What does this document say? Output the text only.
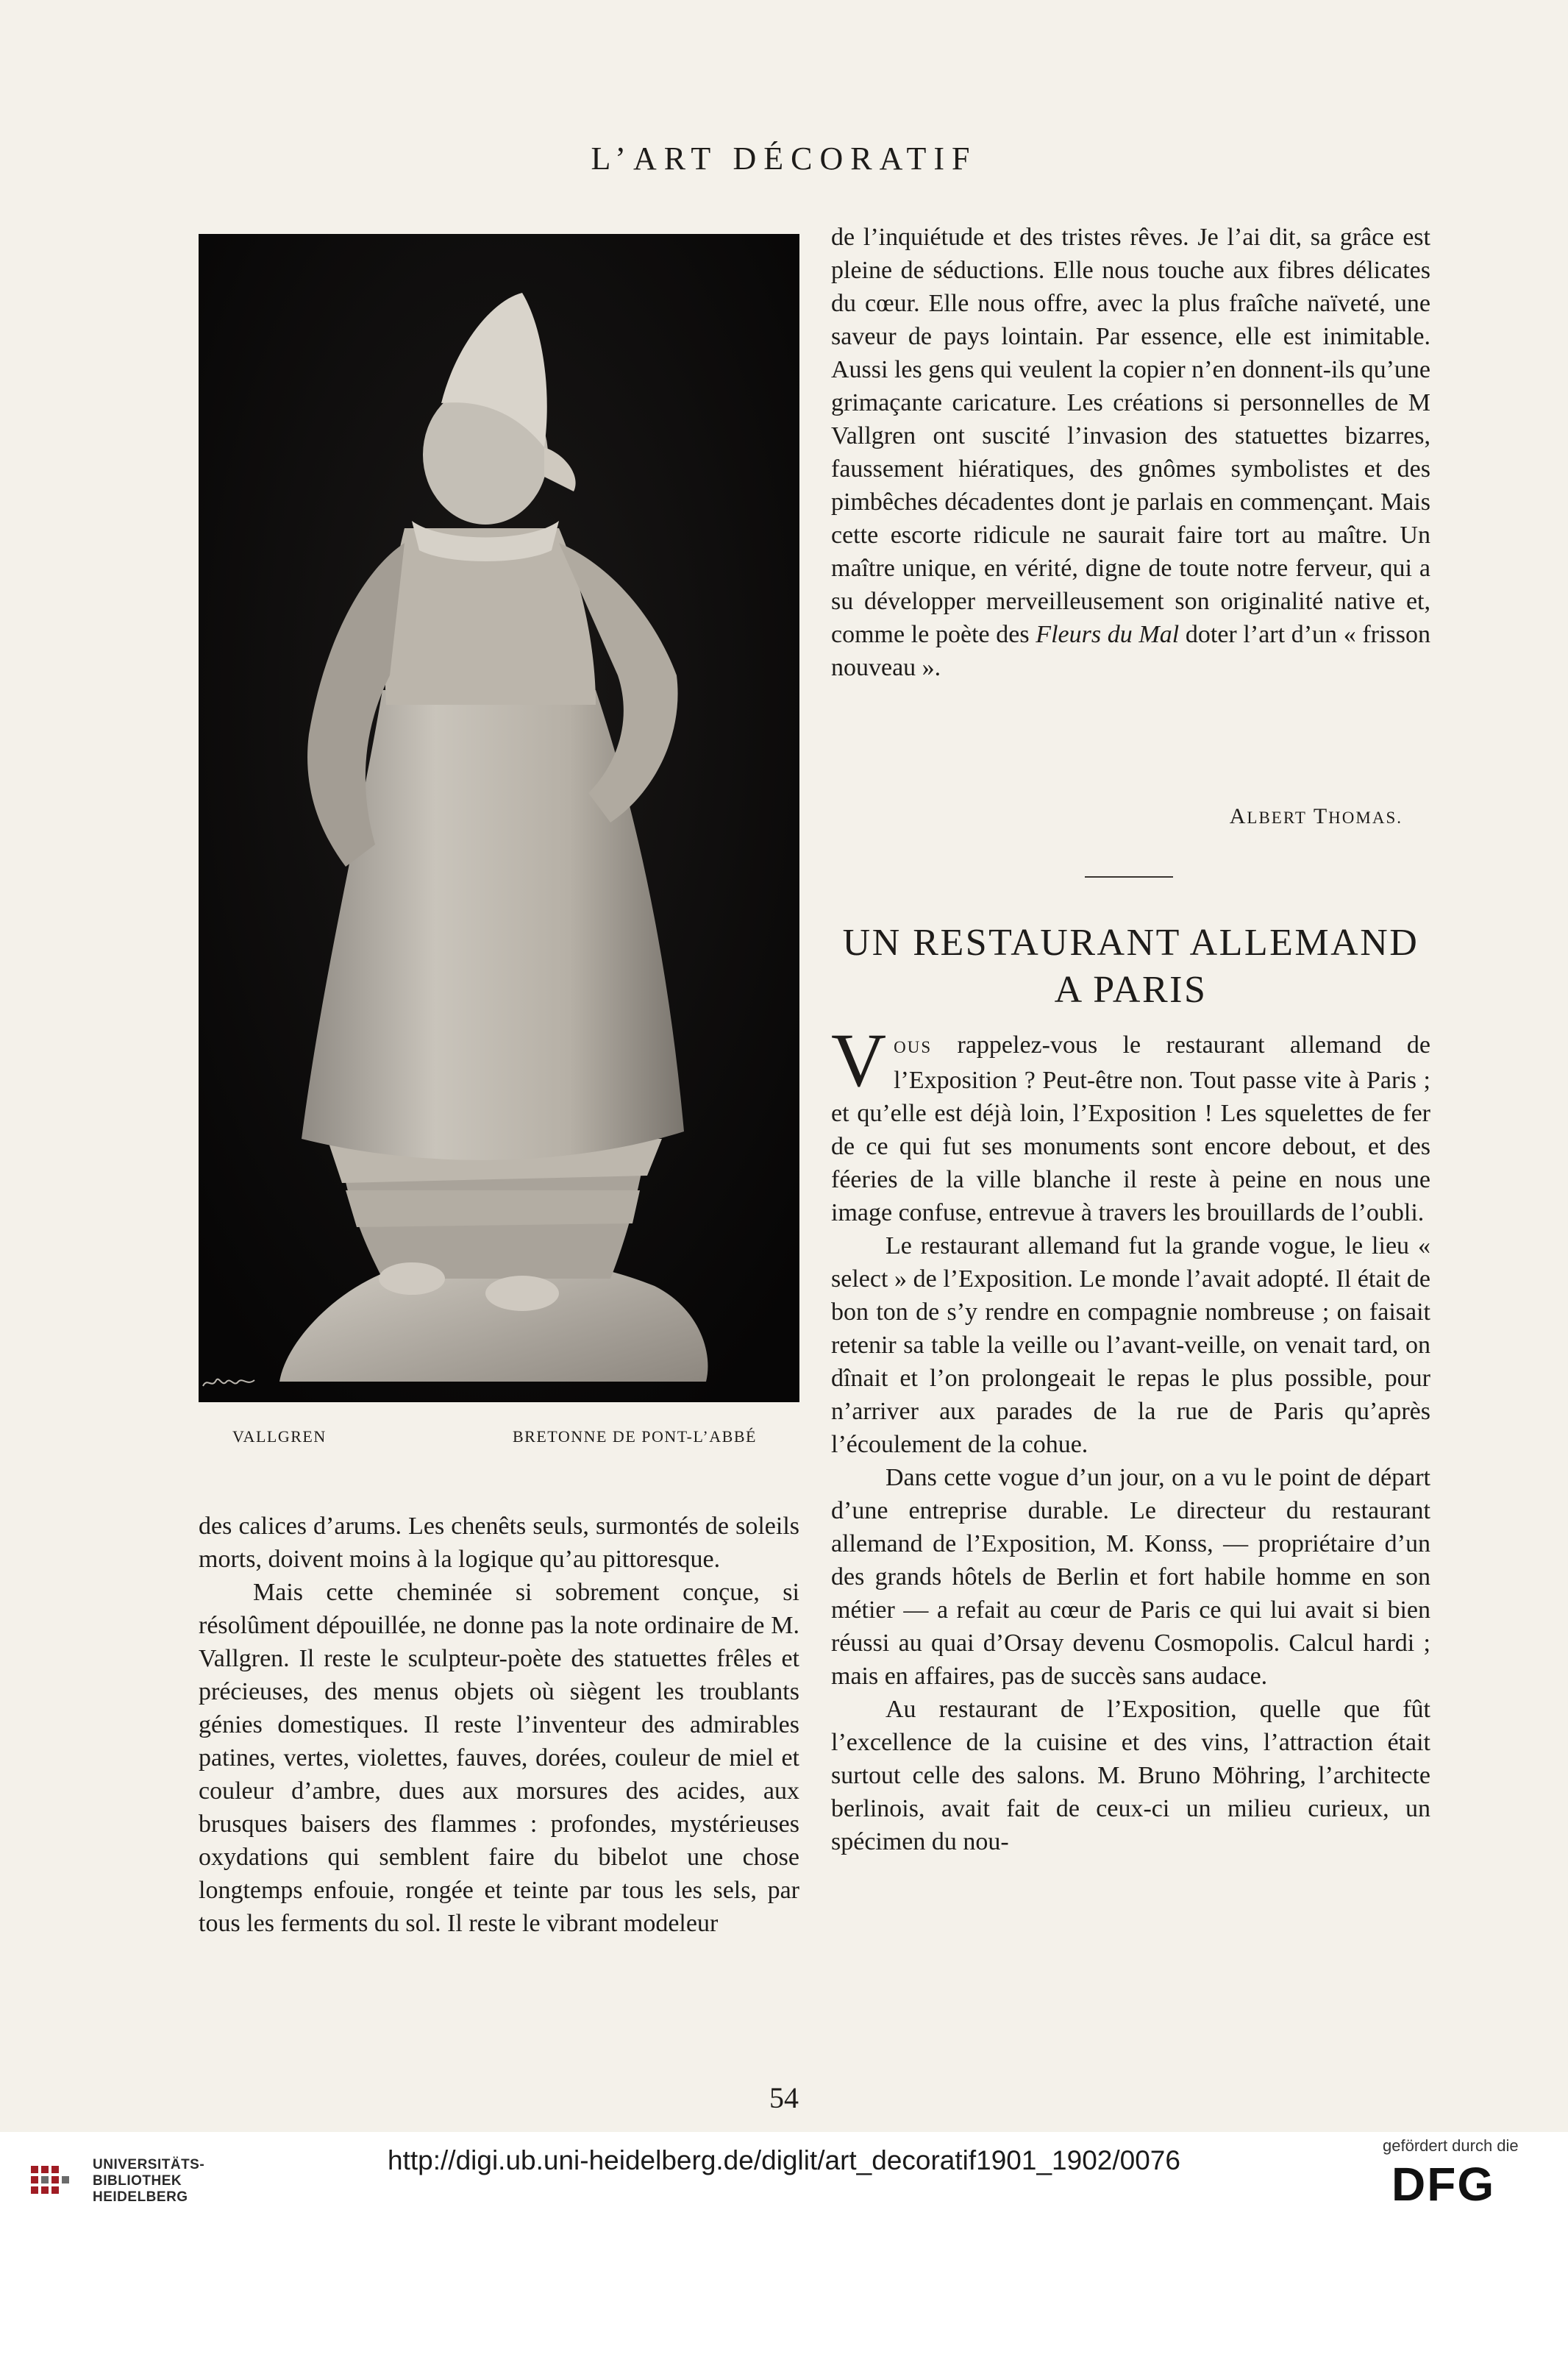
L’ART DÉCORATIF
VALLGREN	BRETONNE DE PONT-L’ABBÉ

des calices d’arums. Les chenêts seuls, surmontés de soleils morts, doivent moins à la logique qu’au pittoresque.

Mais cette cheminée si sobrement conçue, si résolûment dépouillée, ne donne pas la note ordinaire de M. Vallgren. Il reste le sculpteur-poète des statuettes frêles et précieuses, des menus objets où siègent les troublants génies domestiques. Il reste l’inventeur des admirables patines, vertes, violettes, fauves, dorées, couleur de miel et couleur d’ambre, dues aux morsures des acides, aux brusques baisers des flammes : profondes, mystérieuses oxydations qui semblent faire du bibelot une chose longtemps enfouie, rongée et teinte par tous les sels, par tous les ferments du sol. Il reste le vibrant modeleur

de l’inquiétude et des tristes rêves. Je l’ai dit, sa grâce est pleine de séductions. Elle nous touche aux fibres délicates du cœur. Elle nous offre, avec la plus fraîche naïveté, une saveur de pays lointain. Par essence, elle est inimitable. Aussi les gens qui veulent la copier n’en donnent-ils qu’une grimaçante caricature. Les créations si personnelles de M Vallgren ont suscité l’invasion des statuettes bizarres, faussement hiératiques, des gnômes symbolistes et des pimbêches décadentes dont je parlais en commençant. Mais cette escorte ridicule ne saurait faire tort au maître. Un maître unique, en vérité, digne de toute notre ferveur, qui a su développer merveilleusement son originalité native et, comme le poète des Fleurs du Mal doter l’art d’un « frisson nouveau ».

ALBERT THOMAS.
UN RESTAURANT ALLEMAND
A PARIS

VOUS rappelez-vous le restaurant allemand de l’Exposition ? Peut-être non. Tout passe vite à Paris ; et qu’elle est déjà loin, l’Exposition ! Les squelettes de fer de ce qui fut ses monuments sont encore debout, et des féeries de la ville blanche il reste à peine en nous une image confuse, entrevue à travers les brouillards de l’oubli.

Le restaurant allemand fut la grande vogue, le lieu « select » de l’Exposition. Le monde l’avait adopté. Il était de bon ton de s’y rendre en compagnie nombreuse ; on faisait retenir sa table la veille ou l’avant-veille, on venait tard, on dînait et l’on prolongeait le repas le plus possible, pour n’arriver aux parades de la rue de Paris qu’après l’écoulement de la cohue.

Dans cette vogue d’un jour, on a vu le point de départ d’une entreprise durable. Le directeur du restaurant allemand de l’Exposition, M. Konss, — propriétaire d’un des grands hôtels de Berlin et fort habile homme en son métier — a refait au cœur de Paris ce qui lui avait si bien réussi au quai d’Orsay devenu Cosmopolis. Calcul hardi ; mais en affaires, pas de succès sans audace.

Au restaurant de l’Exposition, quelle que fût l’excellence de la cuisine et des vins, l’attraction était surtout celle des salons. M. Bruno Möhring, l’architecte berlinois, avait fait de ceux-ci un milieu curieux, un spécimen du nou-

54
UNIVERSITÄTS-
BIBLIOTHEK
HEIDELBERG
http://digi.ub.uni-heidelberg.de/diglit/art_decoratif1901_1902/0076	gefördert durch die
DFG
